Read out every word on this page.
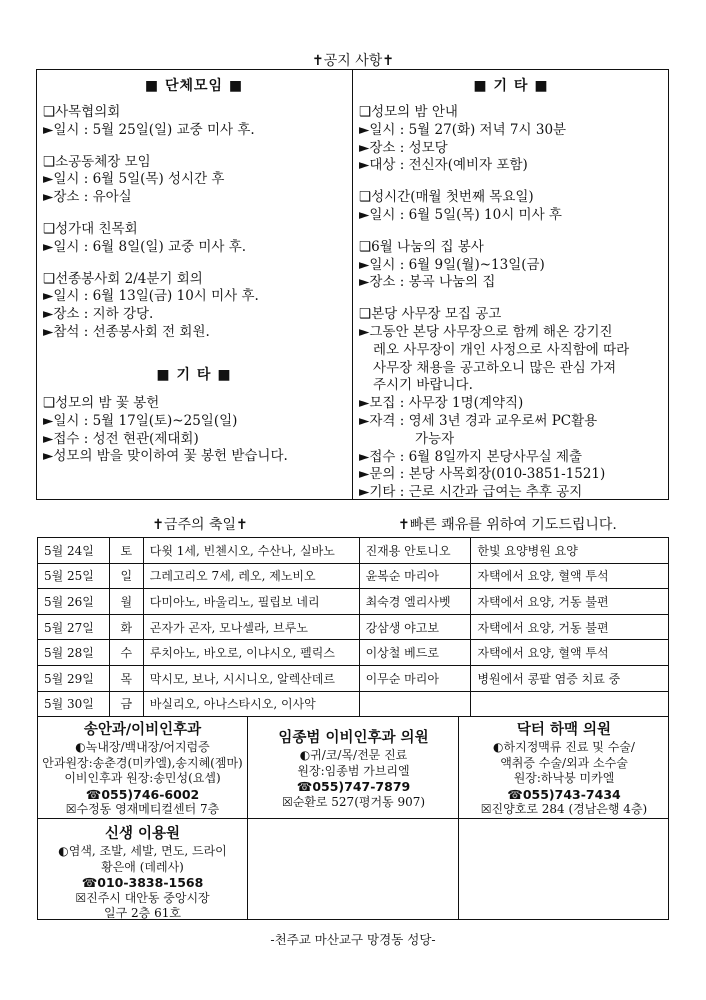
✝공지 사항✝
■ 단체모임 ■
❑사목협의회
►일시 : 5월 25일(일) 교중 미사 후.
❑소공동체장 모임
►일시 : 6월 5일(목) 성시간 후
►장소 : 유아실
❑성가대 친목회
►일시 : 6월 8일(일) 교중 미사 후.
❑선종봉사회 2/4분기 회의
►일시 : 6월 13일(금) 10시 미사 후.
►장소 : 지하 강당.
►참석 : 선종봉사회 전 회원.
■ 기 타 ■
❑성모의 밤 꽃 봉헌
►일시 : 5월 17일(토)~25일(일)
►접수 : 성전 현관(제대회)
►성모의 밤을 맞이하여 꽃 봉헌 받습니다.
■ 기 타 ■
❑성모의 밤 안내
►일시 : 5월 27(화) 저녁 7시 30분
►장소 : 성모당
►대상 : 전신자(예비자 포함)
❑성시간(매월 첫번째 목요일)
►일시 : 6월 5일(목) 10시 미사 후
❑6월 나눔의 집 봉사
►일시 : 6월 9일(월)~13일(금)
►장소 : 봉곡 나눔의 집
❑본당 사무장 모집 공고
►그동안 본당 사무장으로 함께 해온 강기진
레오 사무장이 개인 사정으로 사직함에 따라
사무장 채용을 공고하오니 많은 관심 가져
주시기 바랍니다.
►모집 : 사무장 1명(계약직)
►자격 : 영세 3년 경과 교우로써 PC활용
가능자
►접수 : 6월 8일까지 본당사무실 제출
►문의 : 본당 사목회장(010-3851-1521)
►기타 : 근로 시간과 급여는 추후 공지
✝금주의 축일✝	✝빠른 쾌유를 위하여 기도드립니다.
5월 24일	토	다윗 1세, 빈첸시오, 수산나, 실바노	진재용 안토니오	한빛 요양병원 요양
5월 25일	일	그레고리오 7세, 레오, 제노비오	윤복순 마리아	자택에서 요양, 혈액 투석
5월 26일	월	다미아노, 바울리노, 필립보 네리	최숙경 엘리사벳	자택에서 요양, 거동 불편
5월 27일	화	곤자가 곤자, 모나셀라, 브루노	강삼생 야고보	자택에서 요양, 거동 불편
5월 28일	수	루치아노, 바오로, 이냐시오, 펠릭스	이상철 베드로	자택에서 요양, 혈액 투석
5월 29일	목	막시모, 보나, 시시니오, 알렉산데르	이무순 마리아	병원에서 콩팥 염증 치료 중
5월 30일	금	바실리오, 아나스타시오, 이사악		
송안과/이비인후과
◐녹내장/백내장/어지럼증
안과원장:송춘경(미카엘),송지혜(젬마)
이비인후과 원장:송민성(요셉)
☎055)746-6002
☒수정동 영재메티컬센터 7층
임종범 이비인후과 의원
◐귀/코/목/전문 진료
원장:임종범 가브리엘
☎055)747-7879
☒순환로 527(평거동 907)
닥터 하맥 의원
◐하지정맥류 진료 및 수술/
액취증 수술/외과 소수술
원장:하낙붕 미카엘
☎055)743-7434
☒진양호로 284 (경남은행 4층)
신생 이용원
◐염색, 조발, 세발, 면도, 드라이
황은애 (데레사)
☎010-3838-1568
☒진주시 대안동 중앙시장
일구 2층 61호
-천주교 마산교구 망경동 성당-
